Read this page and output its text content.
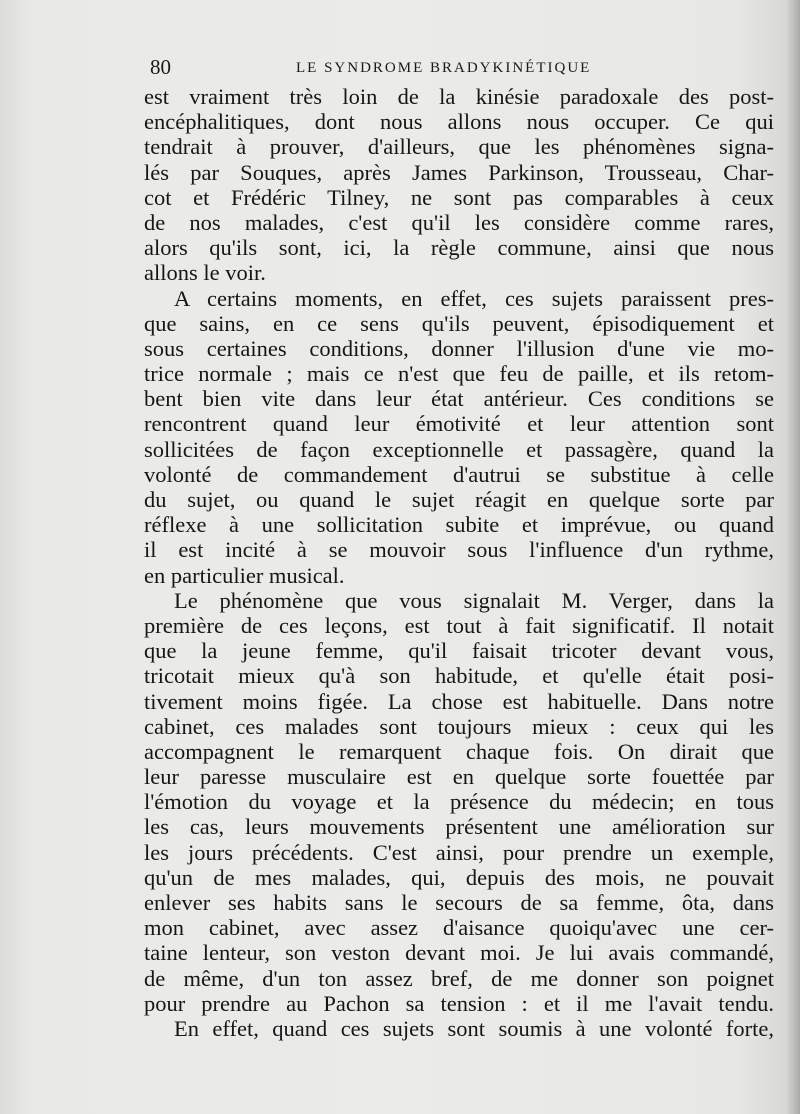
80	LE SYNDROME BRADYKINÉTIQUE
est vraiment très loin de la kinésie paradoxale des post-
encéphalitiques, dont nous allons nous occuper. Ce qui
tendrait à prouver, d'ailleurs, que les phénomènes signa-
lés par Souques, après James Parkinson, Trousseau, Char-
cot et Frédéric Tilney, ne sont pas comparables à ceux
de nos malades, c'est qu'il les considère comme rares,
alors qu'ils sont, ici, la règle commune, ainsi que nous
allons le voir.
A certains moments, en effet, ces sujets paraissent pres-
que sains, en ce sens qu'ils peuvent, épisodiquement et
sous certaines conditions, donner l'illusion d'une vie mo-
trice normale ; mais ce n'est que feu de paille, et ils retom-
bent bien vite dans leur état antérieur. Ces conditions se
rencontrent quand leur émotivité et leur attention sont
sollicitées de façon exceptionnelle et passagère, quand la
volonté de commandement d'autrui se substitue à celle
du sujet, ou quand le sujet réagit en quelque sorte par
réflexe à une sollicitation subite et imprévue, ou quand
il est incité à se mouvoir sous l'influence d'un rythme,
en particulier musical.
Le phénomène que vous signalait M. Verger, dans la
première de ces leçons, est tout à fait significatif. Il notait
que la jeune femme, qu'il faisait tricoter devant vous,
tricotait mieux qu'à son habitude, et qu'elle était posi-
tivement moins figée. La chose est habituelle. Dans notre
cabinet, ces malades sont toujours mieux : ceux qui les
accompagnent le remarquent chaque fois. On dirait que
leur paresse musculaire est en quelque sorte fouettée par
l'émotion du voyage et la présence du médecin; en tous
les cas, leurs mouvements présentent une amélioration sur
les jours précédents. C'est ainsi, pour prendre un exemple,
qu'un de mes malades, qui, depuis des mois, ne pouvait
enlever ses habits sans le secours de sa femme, ôta, dans
mon cabinet, avec assez d'aisance quoiqu'avec une cer-
taine lenteur, son veston devant moi. Je lui avais commandé,
de même, d'un ton assez bref, de me donner son poignet
pour prendre au Pachon sa tension : et il me l'avait tendu.
En effet, quand ces sujets sont soumis à une volonté forte,
